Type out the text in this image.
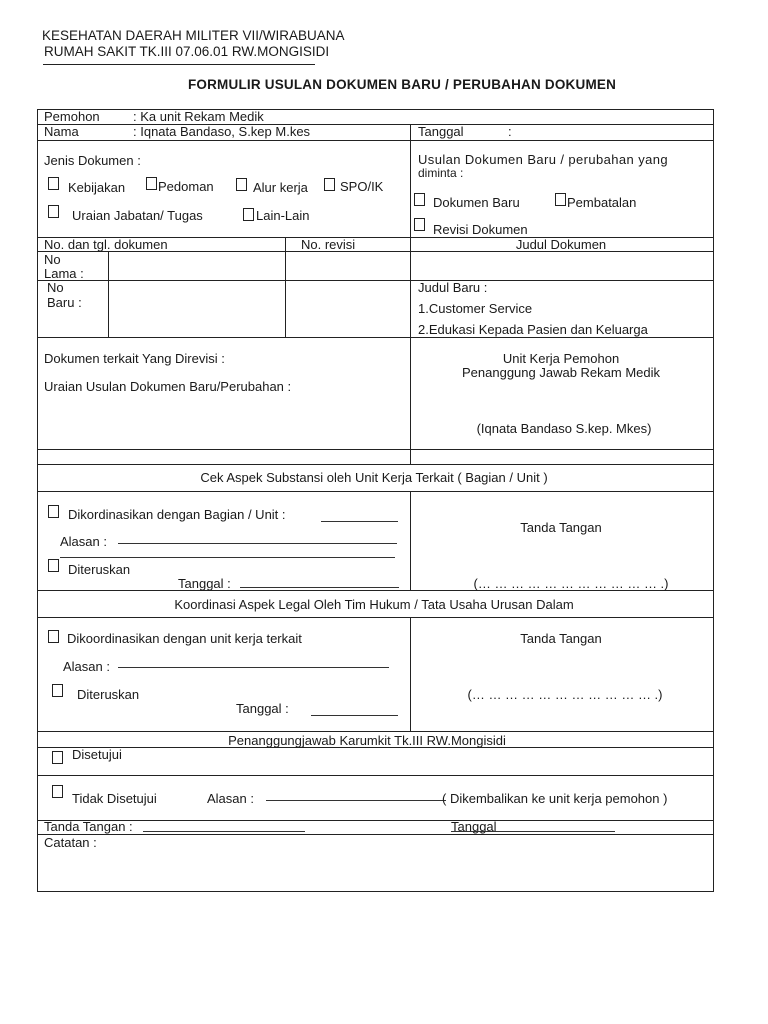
KESEHATAN DAERAH MILITER VII/WIRABUANA
RUMAH SAKIT TK.III 07.06.01 RW.MONGISIDI
FORMULIR USULAN DOKUMEN BARU / PERUBAHAN DOKUMEN
Pemohon	: Ka unit Rekam Medik
Nama	: Iqnata Bandaso, S.kep M.kes	Tanggal	:
Jenis Dokumen :
Kebijakan	Pedoman	Alur kerja SPO/IK
Uraian Jabatan/ Tugas	Lain-Lain
Usulan Dokumen Baru / perubahan yang
diminta :
Dokumen Baru	Pembatalan
Revisi Dokumen
No. dan tgl. dokumen	No. revisi	Judul Dokumen
No
Lama :
No
Baru :
Judul Baru :
1.Customer Service
2.Edukasi Kepada Pasien dan Keluarga
Dokumen terkait Yang Direvisi :
Uraian Usulan Dokumen Baru/Perubahan :
Unit Kerja Pemohon
Penanggung Jawab Rekam Medik
(Iqnata Bandaso S.kep. Mkes)
Cek Aspek Substansi oleh Unit Kerja Terkait ( Bagian / Unit )
Dikordinasikan dengan Bagian / Unit :
Alasan :
Diteruskan
Tanggal :
Tanda Tangan
(… … … … … … … … … … … .)
Koordinasi Aspek Legal Oleh Tim Hukum / Tata Usaha Urusan Dalam
Dikoordinasikan dengan unit kerja terkait
Alasan :
Diteruskan
Tanggal :
Tanda Tangan
(… … … … … … … … … … … .)
Penanggungjawab Karumkit Tk.III RW.Mongisidi
Disetujui
Tidak Disetujui	Alasan :	( Dikembalikan ke unit kerja pemohon )
Tanda Tangan :	Tanggal
Catatan :
